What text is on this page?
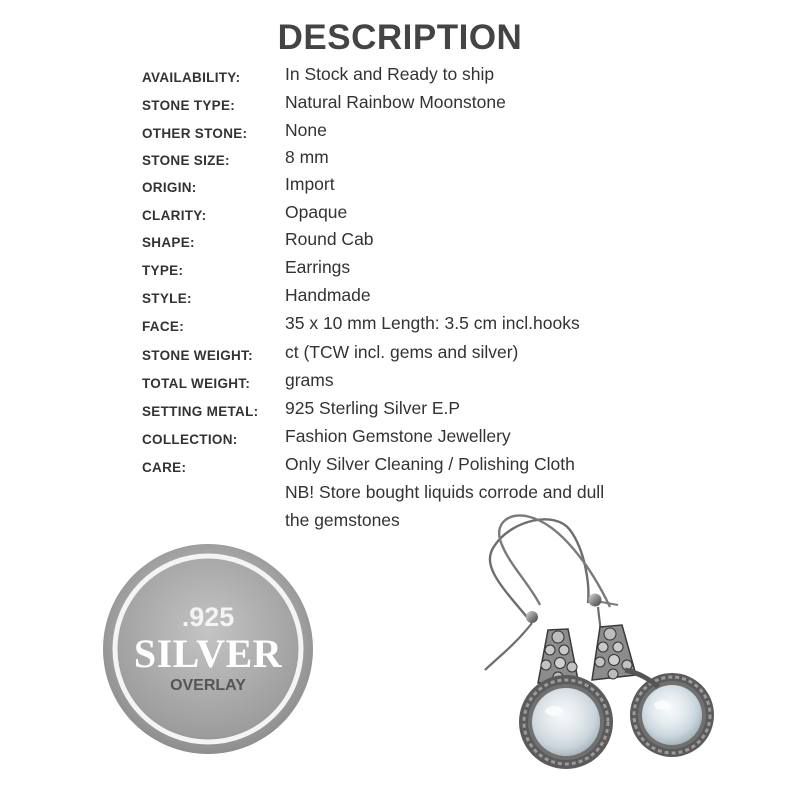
DESCRIPTION
AVAILABILITY:	In Stock and Ready to ship
STONE TYPE:	Natural Rainbow Moonstone
OTHER STONE: None
STONE SIZE:	8 mm
ORIGIN:	Import
CLARITY:	Opaque
SHAPE:	Round Cab
TYPE:	Earrings
STYLE:	Handmade
FACE:	35 x 10 mm Length: 3.5 cm incl.hooks
STONE WEIGHT: ct (TCW incl. gems and silver)
TOTAL WEIGHT: grams
SETTING METAL: 925 Sterling Silver E.P
COLLECTION:	Fashion Gemstone Jewellery
CARE:	Only Silver Cleaning / Polishing Cloth
NB! Store bought liquids corrode and dull
the gemstones
.925
SILVER
OVERLAY
